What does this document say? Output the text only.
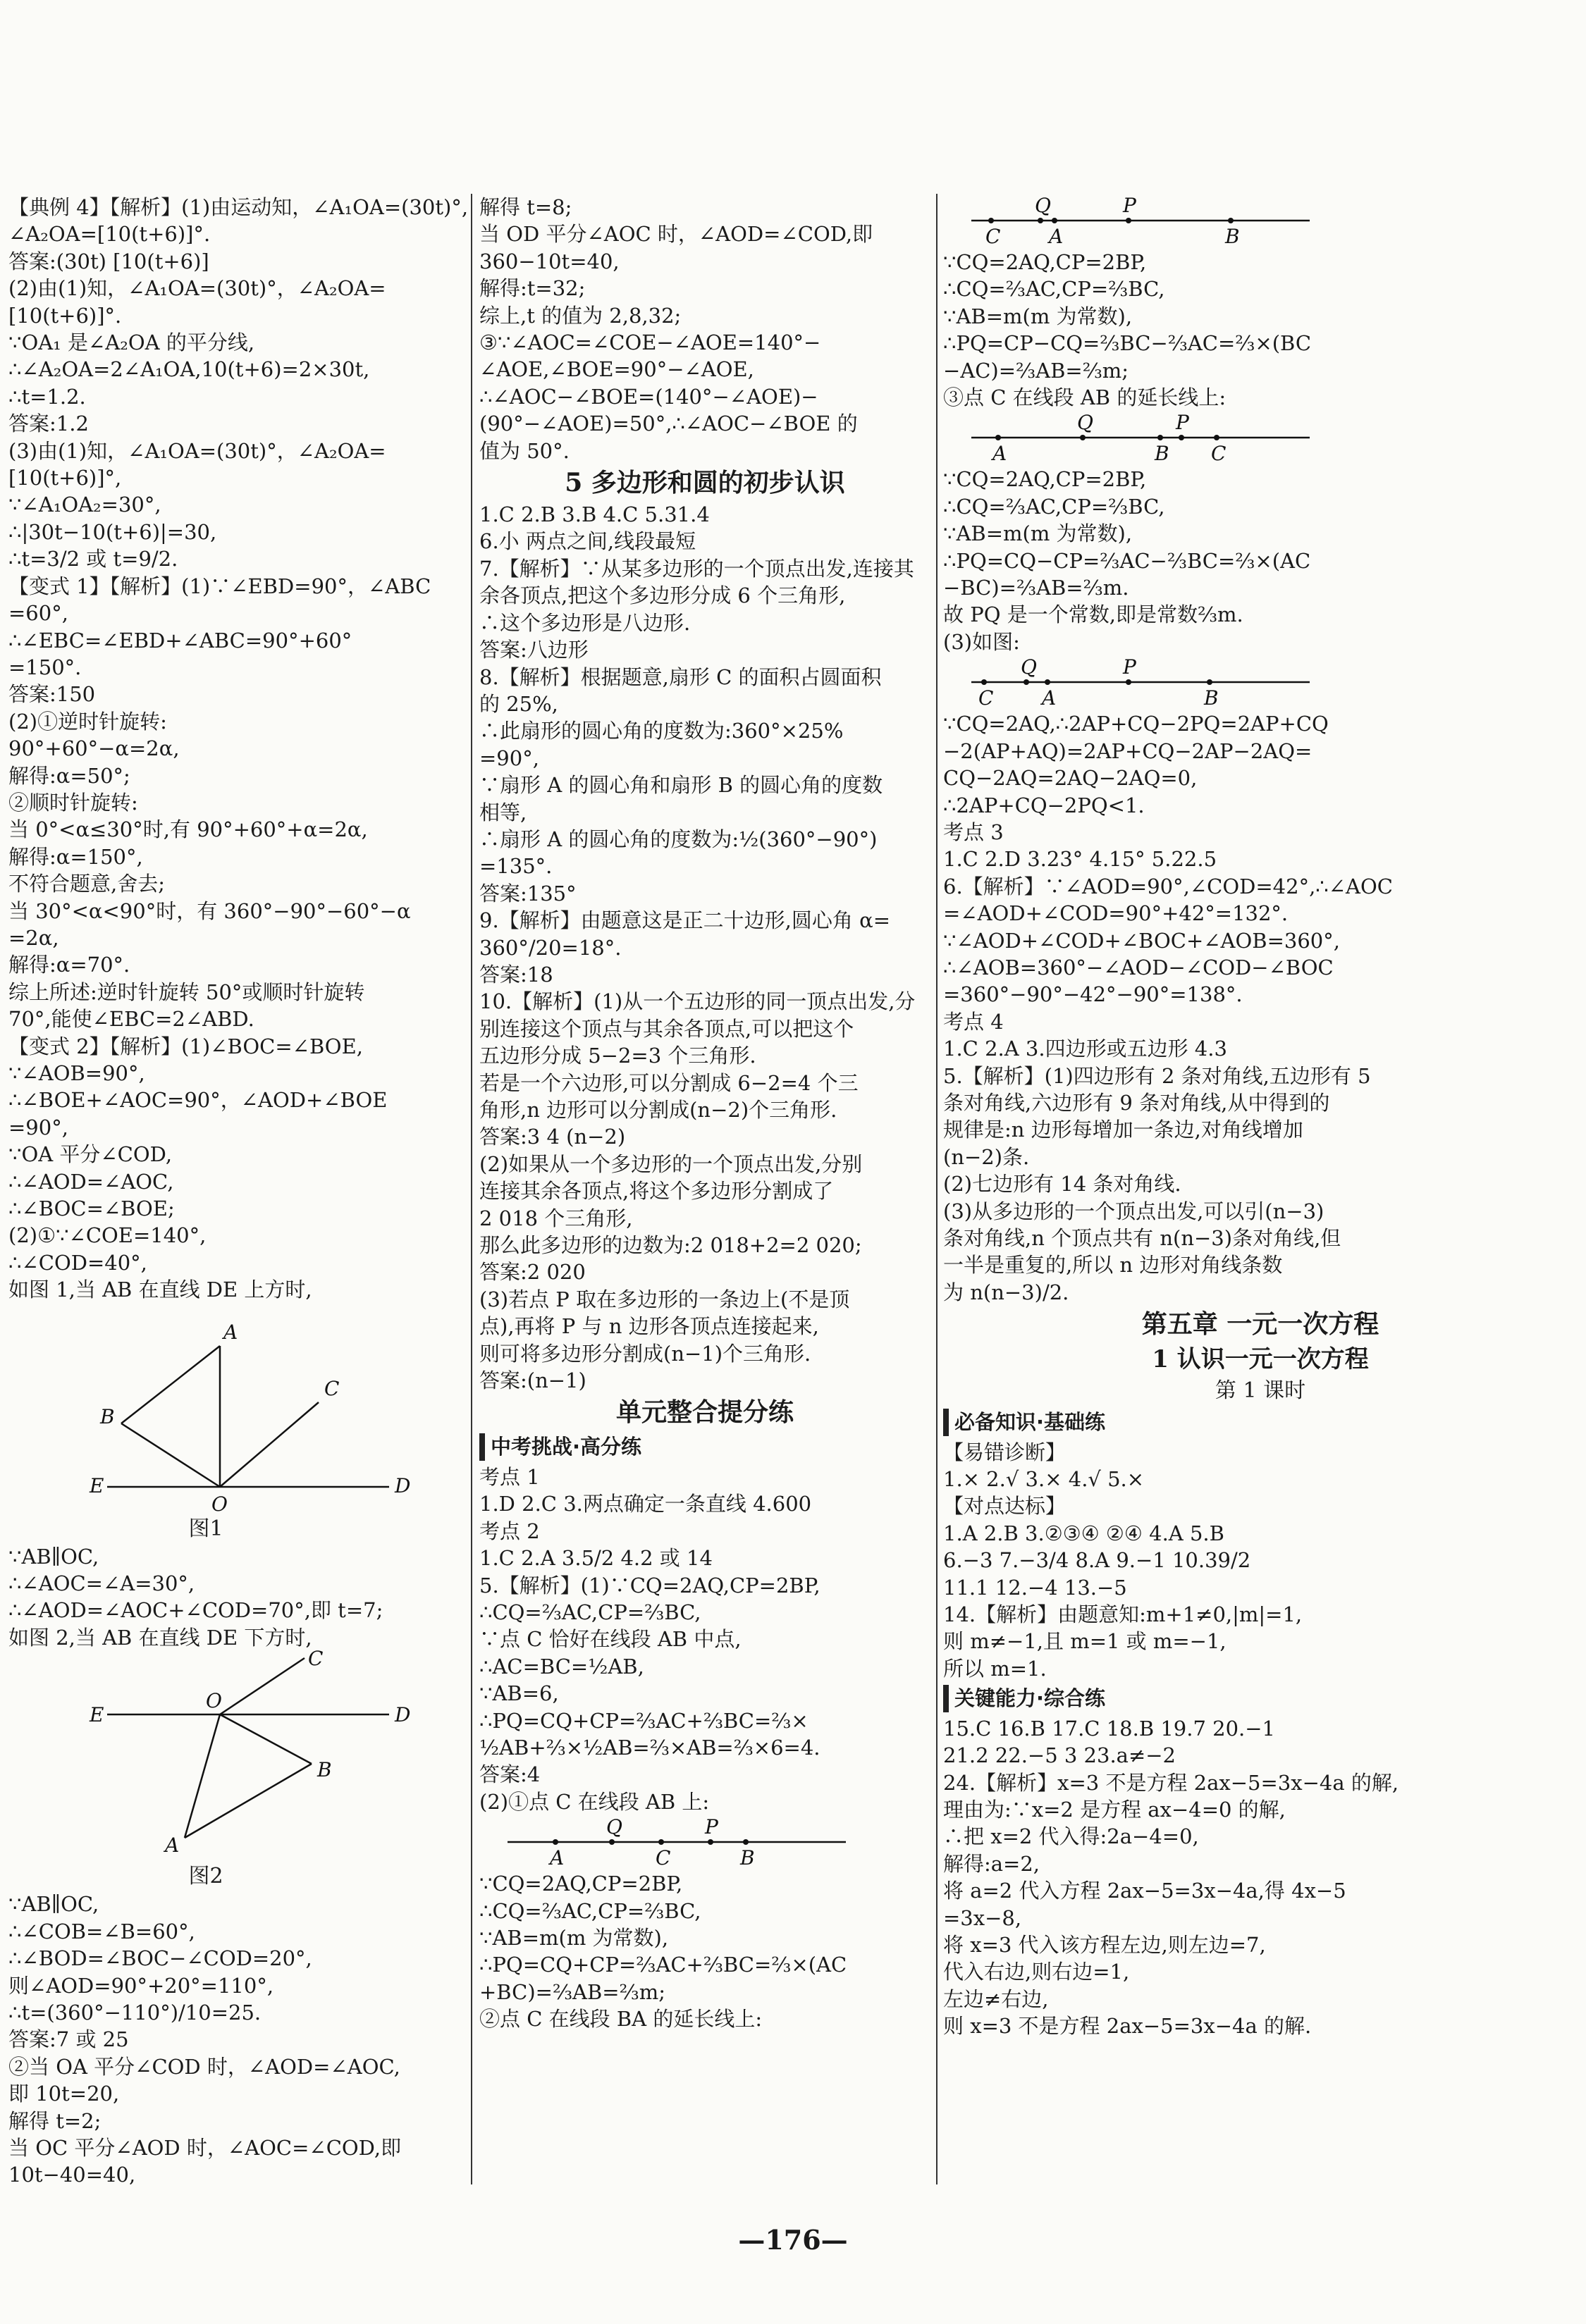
【典例 4】【解析】(1)由运动知，∠A₁OA=(30t)°,
∠A₂OA=[10(t+6)]°.
答案:(30t) [10(t+6)]
(2)由(1)知，∠A₁OA=(30t)°，∠A₂OA=
[10(t+6)]°.
∵OA₁ 是∠A₂OA 的平分线,
∴∠A₂OA=2∠A₁OA,10(t+6)=2×30t,
∴t=1.2.
答案:1.2
(3)由(1)知，∠A₁OA=(30t)°，∠A₂OA=
[10(t+6)]°,
∵∠A₁OA₂=30°,
∴|30t−10(t+6)|=30,
∴t=3/2 或 t=9/2.
【变式 1】【解析】(1)∵∠EBD=90°，∠ABC
=60°,
∴∠EBC=∠EBD+∠ABC=90°+60°
=150°.
答案:150
(2)①逆时针旋转:
90°+60°−α=2α,
解得:α=50°;
②顺时针旋转:
当 0°<α≤30°时,有 90°+60°+α=2α,
解得:α=150°,
不符合题意,舍去;
当 30°<α<90°时，有 360°−90°−60°−α
=2α,
解得:α=70°.
综上所述:逆时针旋转 50°或顺时针旋转
70°,能使∠EBC=2∠ABD.
【变式 2】【解析】(1)∠BOC=∠BOE,
∵∠AOB=90°,
∴∠BOE+∠AOC=90°，∠AOD+∠BOE
=90°,
∵OA 平分∠COD,
∴∠AOD=∠AOC,
∴∠BOC=∠BOE;
(2)①∵∠COE=140°,
∴∠COD=40°,
如图 1,当 AB 在直线 DE 上方时,
A
B
C
E
O
D
图1
∵AB∥OC,
∴∠AOC=∠A=30°,
∴∠AOD=∠AOC+∠COD=70°,即 t=7;
如图 2,当 AB 在直线 DE 下方时,
C
E
O
D
B
A
图2
∵AB∥OC,
∴∠COB=∠B=60°,
∴∠BOD=∠BOC−∠COD=20°,
则∠AOD=90°+20°=110°,
∴t=(360°−110°)/10=25.
答案:7 或 25
②当 OA 平分∠COD 时，∠AOD=∠AOC,
即 10t=20,
解得 t=2;
当 OC 平分∠AOD 时，∠AOC=∠COD,即
10t−40=40,
解得 t=8;
当 OD 平分∠AOC 时，∠AOD=∠COD,即
360−10t=40,
解得:t=32;
综上,t 的值为 2,8,32;
③∵∠AOC=∠COE−∠AOE=140°−
∠AOE,∠BOE=90°−∠AOE,
∴∠AOC−∠BOE=(140°−∠AOE)−
(90°−∠AOE)=50°,∴∠AOC−∠BOE 的
值为 50°.
5 多边形和圆的初步认识
1.C 2.B 3.B 4.C 5.31.4
6.小 两点之间,线段最短
7.【解析】∵从某多边形的一个顶点出发,连接其
余各顶点,把这个多边形分成 6 个三角形,
∴这个多边形是八边形.
答案:八边形
8.【解析】根据题意,扇形 C 的面积占圆面积
的 25%,
∴此扇形的圆心角的度数为:360°×25%
=90°,
∵扇形 A 的圆心角和扇形 B 的圆心角的度数
相等,
∴扇形 A 的圆心角的度数为:½(360°−90°)
=135°.
答案:135°
9.【解析】由题意这是正二十边形,圆心角 α=
360°/20=18°.
答案:18
10.【解析】(1)从一个五边形的同一顶点出发,分
别连接这个顶点与其余各顶点,可以把这个
五边形分成 5−2=3 个三角形.
若是一个六边形,可以分割成 6−2=4 个三
角形,n 边形可以分割成(n−2)个三角形.
答案:3 4 (n−2)
(2)如果从一个多边形的一个顶点出发,分别
连接其余各顶点,将这个多边形分割成了
2 018 个三角形,
那么此多边形的边数为:2 018+2=2 020;
答案:2 020
(3)若点 P 取在多边形的一条边上(不是顶
点),再将 P 与 n 边形各顶点连接起来,
则可将多边形分割成(n−1)个三角形.
答案:(n−1)
单元整合提分练
中考挑战·高分练
考点 1
1.D 2.C 3.两点确定一条直线 4.600
考点 2
1.C 2.A 3.5/2 4.2 或 14
5.【解析】(1)∵CQ=2AQ,CP=2BP,
∴CQ=⅔AC,CP=⅔BC,
∵点 C 恰好在线段 AB 中点,
∴AC=BC=½AB,
∵AB=6,
∴PQ=CQ+CP=⅔AC+⅔BC=⅔×
½AB+⅔×½AB=⅔×AB=⅔×6=4.
答案:4
(2)①点 C 在线段 AB 上:
Q	P
A	C	B
∵CQ=2AQ,CP=2BP,
∴CQ=⅔AC,CP=⅔BC,
∵AB=m(m 为常数),
∴PQ=CQ+CP=⅔AC+⅔BC=⅔×(AC
+BC)=⅔AB=⅔m;
②点 C 在线段 BA 的延长线上:
Q	P
C A	B
∵CQ=2AQ,CP=2BP,
∴CQ=⅔AC,CP=⅔BC,
∵AB=m(m 为常数),
∴PQ=CP−CQ=⅔BC−⅔AC=⅔×(BC
−AC)=⅔AB=⅔m;
③点 C 在线段 AB 的延长线上:
Q	P
A	B C
∵CQ=2AQ,CP=2BP,
∴CQ=⅔AC,CP=⅔BC,
∵AB=m(m 为常数),
∴PQ=CQ−CP=⅔AC−⅔BC=⅔×(AC
−BC)=⅔AB=⅔m.
故 PQ 是一个常数,即是常数⅔m.
(3)如图:
Q	P
C A	B
∵CQ=2AQ,∴2AP+CQ−2PQ=2AP+CQ
−2(AP+AQ)=2AP+CQ−2AP−2AQ=
CQ−2AQ=2AQ−2AQ=0,
∴2AP+CQ−2PQ<1.
考点 3
1.C 2.D 3.23° 4.15° 5.22.5
6.【解析】∵∠AOD=90°,∠COD=42°,∴∠AOC
=∠AOD+∠COD=90°+42°=132°.
∵∠AOD+∠COD+∠BOC+∠AOB=360°,
∴∠AOB=360°−∠AOD−∠COD−∠BOC
=360°−90°−42°−90°=138°.
考点 4
1.C 2.A 3.四边形或五边形 4.3
5.【解析】(1)四边形有 2 条对角线,五边形有 5
条对角线,六边形有 9 条对角线,从中得到的
规律是:n 边形每增加一条边,对角线增加
(n−2)条.
(2)七边形有 14 条对角线.
(3)从多边形的一个顶点出发,可以引(n−3)
条对角线,n 个顶点共有 n(n−3)条对角线,但
一半是重复的,所以 n 边形对角线条数
为 n(n−3)/2.
第五章 一元一次方程
1 认识一元一次方程
第 1 课时
必备知识·基础练
【易错诊断】
1.× 2.√ 3.× 4.√ 5.×
【对点达标】
1.A 2.B 3.②③④ ②④ 4.A 5.B
6.−3 7.−3/4 8.A 9.−1 10.39/2
11.1 12.−4 13.−5
14.【解析】由题意知:m+1≠0,|m|=1,
则 m≠−1,且 m=1 或 m=−1,
所以 m=1.
关键能力·综合练
15.C 16.B 17.C 18.B 19.7 20.−1
21.2 22.−5 3 23.a≠−2
24.【解析】x=3 不是方程 2ax−5=3x−4a 的解,
理由为:∵x=2 是方程 ax−4=0 的解,
∴把 x=2 代入得:2a−4=0,
解得:a=2,
将 a=2 代入方程 2ax−5=3x−4a,得 4x−5
=3x−8,
将 x=3 代入该方程左边,则左边=7,
代入右边,则右边=1,
左边≠右边,
则 x=3 不是方程 2ax−5=3x−4a 的解.
—176—
